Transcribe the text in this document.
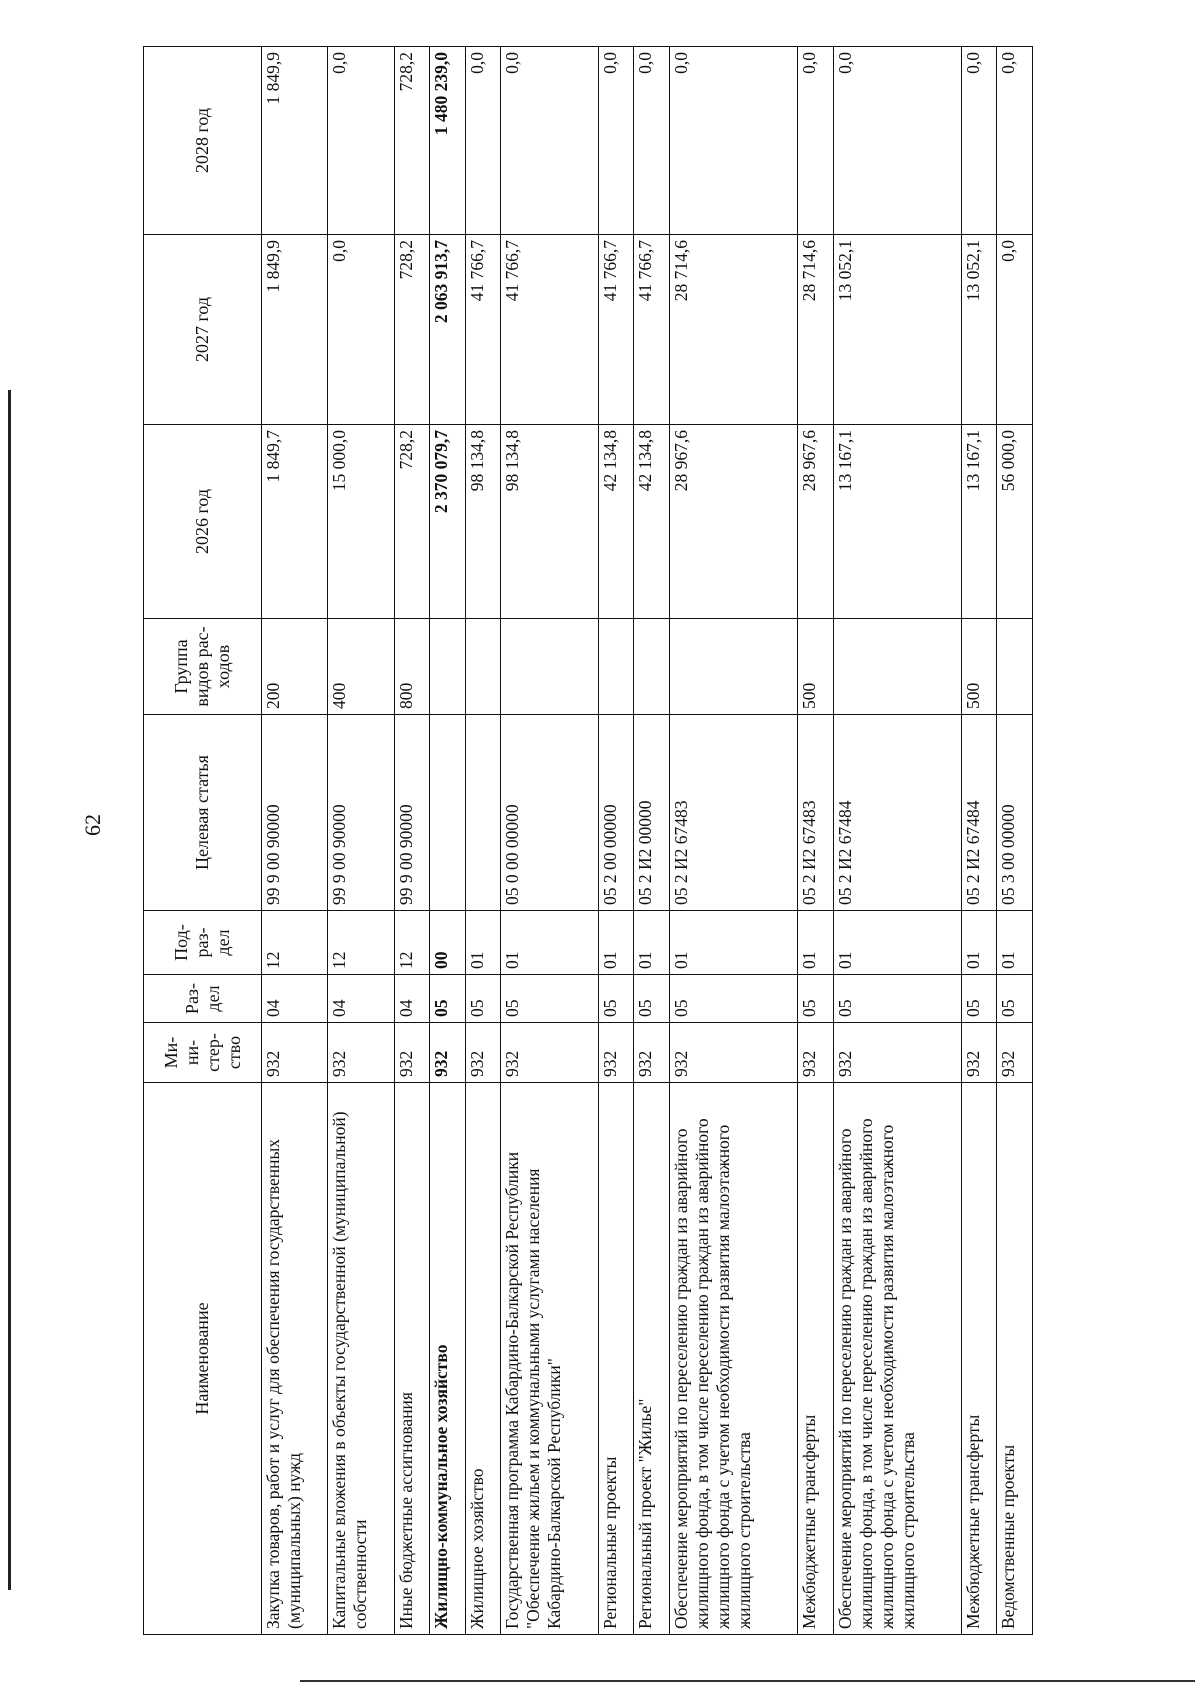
62
Наименование	Ми-ни-стер-ство	Раз-дел	Под-раз-дел	Целевая статья	Группа видов рас-ходов	2026 год	2027 год	2028 год
Закупка товаров, работ и услуг для обеспечения государственных (муниципальных) нужд	932	04	12	99 9 00 90000	200	1 849,7	1 849,9	1 849,9
Капитальные вложения в объекты государственной (муниципальной) собственности	932	04	12	99 9 00 90000	400	15 000,0	0,0	0,0
Иные бюджетные ассигнования	932	04	12	99 9 00 90000	800	728,2	728,2	728,2
Жилищно-коммунальное хозяйство	932	05	00			2 370 079,7	2 063 913,7	1 480 239,0
Жилищное хозяйство	932	05	01			98 134,8	41 766,7	0,0
Государственная программа Кабардино-Балкарской Республики "Обеспечение жильем и коммунальными услугами населения Кабардино-Балкарской Республики"	932	05	01	05 0 00 00000		98 134,8	41 766,7	0,0
Региональные проекты	932	05	01	05 2 00 00000		42 134,8	41 766,7	0,0
Региональный проект "Жилье"	932	05	01	05 2 И2 00000		42 134,8	41 766,7	0,0
Обеспечение мероприятий по переселению граждан из аварийного жилищного фонда, в том числе переселению граждан из аварийного жилищного фонда с учетом необходимости развития малоэтажного жилищного строительства	932	05	01	05 2 И2 67483		28 967,6	28 714,6	0,0
Межбюджетные трансферты	932	05	01	05 2 И2 67483	500	28 967,6	28 714,6	0,0
Обеспечение мероприятий по переселению граждан из аварийного жилищного фонда, в том числе переселению граждан из аварийного жилищного фонда с учетом необходимости развития малоэтажного жилищного строительства	932	05	01	05 2 И2 67484		13 167,1	13 052,1	0,0
Межбюджетные трансферты	932	05	01	05 2 И2 67484	500	13 167,1	13 052,1	0,0
Ведомственные проекты	932	05	01	05 3 00 00000		56 000,0	0,0	0,0
